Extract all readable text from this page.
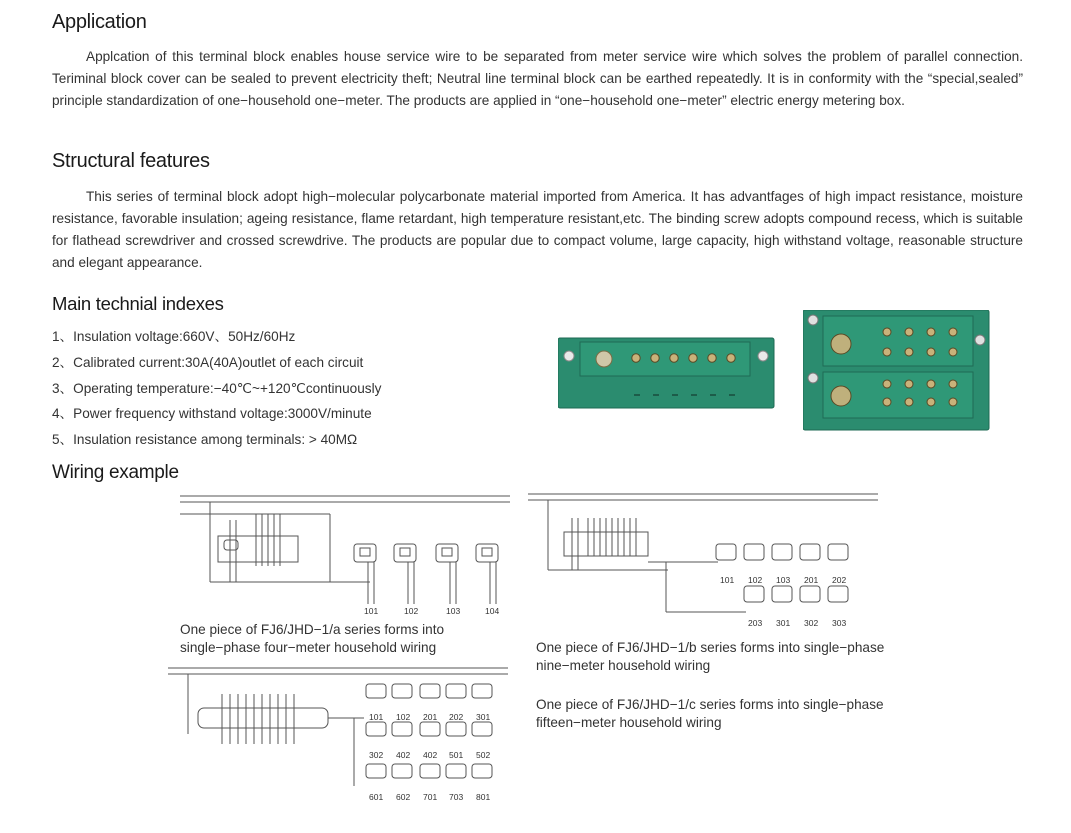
Application
Applcation of this terminal block enables house service wire to be separated from meter service wire which solves the problem of parallel connection. Teriminal block cover can be sealed to prevent electricity theft; Neutral line terminal block can be earthed repeatedly. It is in conformity with the “special,sealed” principle standardization of one−household one−meter. The products are applied in “one−household one−meter” electric energy metering box.
Structural features
This series of terminal block adopt high−molecular polycarbonate material imported from America. It has advantfages of high impact resistance, moisture resistance, favorable insulation; ageing resistance, flame retardant, high temperature resistant,etc. The binding screw adopts compound recess, which is suitable for flathead screwdriver and crossed screwdrive. The products are popular due to compact volume, large capacity, high withstand voltage, reasonable structure and elegant appearance.
Main technial indexes
1、Insulation voltage:660V、50Hz/60Hz
2、Calibrated current:30A(40A)outlet of each circuit
3、Operating temperature:−40℃~+120℃continuously
4、Power frequency withstand voltage:3000V/minute
5、Insulation resistance among terminals: > 40MΩ
Wiring example
101	102	103	104
One piece of FJ6/JHD−1/a series forms into
single−phase four−meter household wiring
101 102 103 201 202
203 301 302 303
One piece of FJ6/JHD−1/b series forms into single−phase
nine−meter household wiring
101 102 201 202 301
302 402 402 501 502
601 602 701 703 801
One piece of FJ6/JHD−1/c series forms into single−phase
fifteen−meter household wiring
